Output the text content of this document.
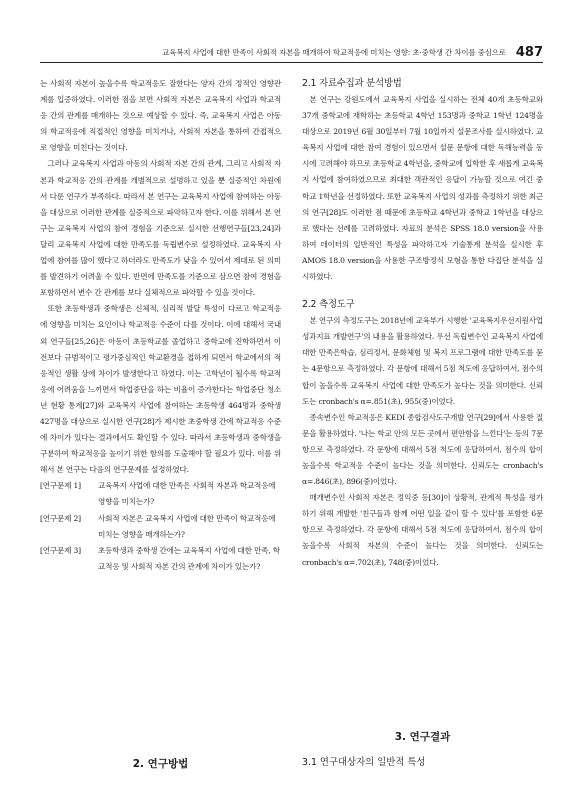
교육복지 사업에 대한 만족이 사회적 자본을 매개하여 학교적응에 미치는 영향: 초·중학생 간 차이를 중심으로 487

는 사회적 자본이 높을수록 학교적응도 잘한다는 양자 간의 정적인 영향관계를 입증하였다. 이러한 점을 보면 사회적 자본은 교육복지 사업과 학교적응 간의 관계를 매개하는 것으로 예상할 수 있다. 즉, 교육복지 사업은 아동의 학교적응에 직접적인 영향을 미치거나, 사회적 자본을 통하여 간접적으로 영향을 미친다는 것이다.

그러나 교육복지 사업과 아동의 사회적 자본 간의 관계, 그리고 사회적 자본과 학교적응 간의 관계를 개별적으로 설명하고 있을 뿐 실증적인 차원에서 다룬 연구가 부족하다. 따라서 본 연구는 교육복지 사업에 참여하는 아동을 대상으로 이러한 관계를 실증적으로 파악하고자 한다. 이를 위해서 본 연구는 교육복지 사업의 참여 경험을 기준으로 실시한 선행연구들[23,24]과 달리 교육복지 사업에 대한 만족도를 독립변수로 설정하였다. 교육복지 사업에 참여를 많이 했다고 하더라도 만족도가 낮을 수 있어서 제대로 된 의미를 발견하기 어려울 수 있다. 반면에 만족도를 기준으로 삼으면 참여 경험을 포함하면서 변수 간 관계를 보다 실체적으로 파악할 수 있을 것이다.

또한 초등학생과 중학생은 신체적, 심리적 발달 특성이 다르고 학교적응에 영향을 미치는 요인이나 학교적응 수준이 다를 것이다. 이에 대해서 국내외 연구들[25,26]은 아동이 초등학교를 졸업하고 중학교에 진학하면서 이전보다 규범적이고 평가중심적인 학교환경을 접하게 되면서 학교에서의 적응적인 생활 상에 차이가 발생한다고 하였다. 이는 고학년이 될수록 학교적응에 어려움을 느끼면서 학업중단을 하는 비율이 증가한다는 학업중단 청소년 현황 통계[27]와 교육복지 사업에 참여하는 초등학생 464명과 중학생 427명을 대상으로 실시한 연구[28]가 제시한 초중학생 간에 학교적응 수준에 차이가 있다는 결과에서도 확인할 수 있다. 따라서 초등학생과 중학생을 구분하여 학교적응을 높이기 위한 함의를 도출해야 할 필요가 있다. 이를 위해서 본 연구는 다음의 연구문제를 설정하였다.

[연구문제 1]	교육복지 사업에 대한 만족은 사회적 자본과 학교적응에 영향을 미치는가?
[연구문제 2]	사회적 자본은 교육복지 사업에 대한 만족이 학교적응에 미치는 영향을 매개하는가?
[연구문제 3]	초등학생과 중학생 간에는 교육복지 사업에 대한 만족, 학교적응 및 사회적 자본 간의 관계에 차이가 있는가?
2. 연구방법
2.1 자료수집과 분석방법

본 연구는 강원도에서 교육복지 사업을 실시하는 전체 40개 초등학교와 37개 중학교에 재학하는 초등학교 4학년 153명과 중학교 1학년 124명을 대상으로 2019년 6월 30일부터 7월 10일까지 설문조사를 실시하였다. 교육복지 사업에 대한 참여 경험이 있으면서 설문 문항에 대한 독해능력을 동시에 고려해야 하므로 초등학교 4학년을, 중학교에 입학한 후 새롭게 교육복지 사업에 참여하였으므로 최대한 객관적인 응답이 가능할 것으로 여긴 중학교 1학년을 선정하였다. 또한 교육복지 사업의 성과를 측정하기 위한 최근의 연구[28]도 이러한 점 때문에 초등학교 4학년과 중학교 1학년을 대상으로 했다는 선례를 고려하였다. 자료의 분석은 SPSS 18.0 version을 사용하여 데이터의 일반적인 특성을 파악하고자 기술통계 분석을 실시한 후 AMOS 18.0 version을 사용한 구조방정식 모형을 통한 다집단 분석을 실시하였다.

2.2 측정도구

본 연구의 측정도구는 2018년에 교육부가 시행한 '교육복지우선지원사업 성과지표 개발연구'의 내용을 활용하였다. 우선 독립변수인 교육복지 사업에 대한 만족은학습, 심리정서, 문화체험 및 복지 프로그램에 대한 만족도를 묻는 4문항으로 측정하였다. 각 문항에 대해서 5점 척도에 응답하여서, 점수의 합이 높을수록 교육복지 사업에 대한 만족도가 높다는 것을 의미한다. 신뢰도는 cronbach's α=.851(초), 955(중)이었다.

종속변수인 학교적응은 KEDI 종합검사도구개발 연구[29]에서 사용한 질문을 활용하였다. '나는 학교 안의 모든 곳에서 편안함을 느낀다'는 등의 7문항으로 측정하였다. 각 문항에 대해서 5점 척도에 응답하여서, 점수의 합이 높을수록 학교적응 수준이 높다는 것을 의미한다. 신뢰도는 cronbach's α=.846(초), 896(중)이었다.

매개변수인 사회적 자본은 정익중 등[30]이 상황적, 관계적 특성을 평가하기 위해 개발한 '친구들과 함께 어떤 일을 같이 할 수 있다'를 포함한 6문항으로 측정하였다. 각 문항에 대해서 5점 척도에 응답하여서, 점수의 합이 높을수록 사회적 자본의 수준이 높다는 것을 의미한다. 신뢰도는 cronbach's α=.702(초), 748(중)이었다.

3. 연구결과
3.1 연구대상자의 일반적 특성
